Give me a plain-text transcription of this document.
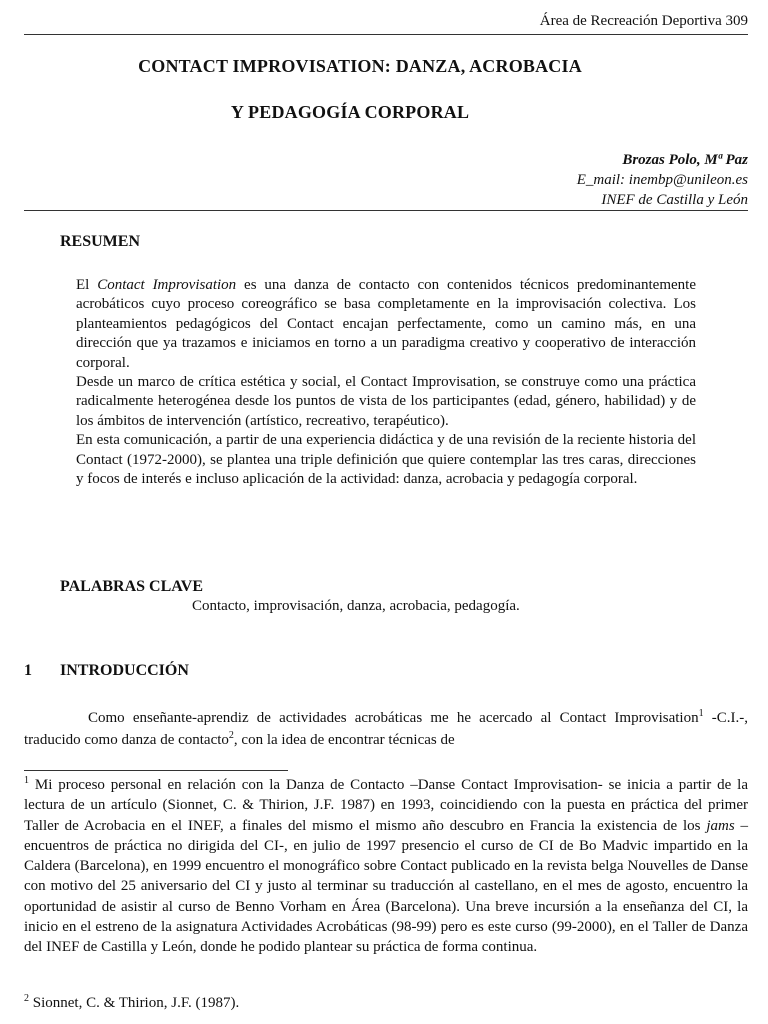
Área de Recreación Deportiva 309
CONTACT IMPROVISATION: DANZA, ACROBACIA
Y PEDAGOGÍA CORPORAL
Brozas Polo, Mª Paz
E_mail: inembp@unileon.es
INEF de Castilla y León
RESUMEN

El Contact Improvisation es una danza de contacto con contenidos técnicos predominantemente acrobáticos cuyo proceso coreográfico se basa completamente en la improvisación colectiva. Los planteamientos pedagógicos del Contact encajan perfectamente, como un camino más, en una dirección que ya trazamos e iniciamos en torno a un paradigma creativo y cooperativo de interacción corporal.

Desde un marco de crítica estética y social, el Contact Improvisation, se construye como una práctica radicalmente heterogénea desde los puntos de vista de los participantes (edad, género, habilidad) y de los ámbitos de intervención (artístico, recreativo, terapéutico).

En esta comunicación, a partir de una experiencia didáctica y de una revisión de la reciente historia del Contact (1972-2000), se plantea una triple definición que quiere contemplar las tres caras, direcciones y focos de interés e incluso aplicación de la actividad: danza, acrobacia y pedagogía corporal.

PALABRAS CLAVE
Contacto, improvisación, danza, acrobacia, pedagogía.
1 INTRODUCCIÓN
Como enseñante-aprendiz de actividades acrobáticas me he acercado al Contact Improvisation$^1$ -C.I.-, traducido como danza de contacto$^2$, con la idea de encontrar técnicas de
$^1$ Mi proceso personal en relación con la Danza de Contacto –Danse Contact Improvisation- se inicia a partir de la lectura de un artículo (Sionnet, C. & Thirion, J.F. 1987) en 1993, coincidiendo con la puesta en práctica del primer Taller de Acrobacia en el INEF, a finales del mismo el mismo año descubro en Francia la existencia de los jams –encuentros de práctica no dirigida del CI-, en julio de 1997 presencio el curso de CI de Bo Madvic impartido en la Caldera (Barcelona), en 1999 encuentro el monográfico sobre Contact publicado en la revista belga Nouvelles de Danse con motivo del 25 aniversario del CI y justo al terminar su traducción al castellano, en el mes de agosto, encuentro la oportunidad de asistir al curso de Benno Vorham en Área (Barcelona). Una breve incursión a la enseñanza del CI, la inicio en el estreno de la asignatura Actividades Acrobáticas (98-99) pero es este curso (99-2000), en el Taller de Danza del INEF de Castilla y León, donde he podido plantear su práctica de forma continua.
$^2$ Sionnet, C. & Thirion, J.F. (1987).
